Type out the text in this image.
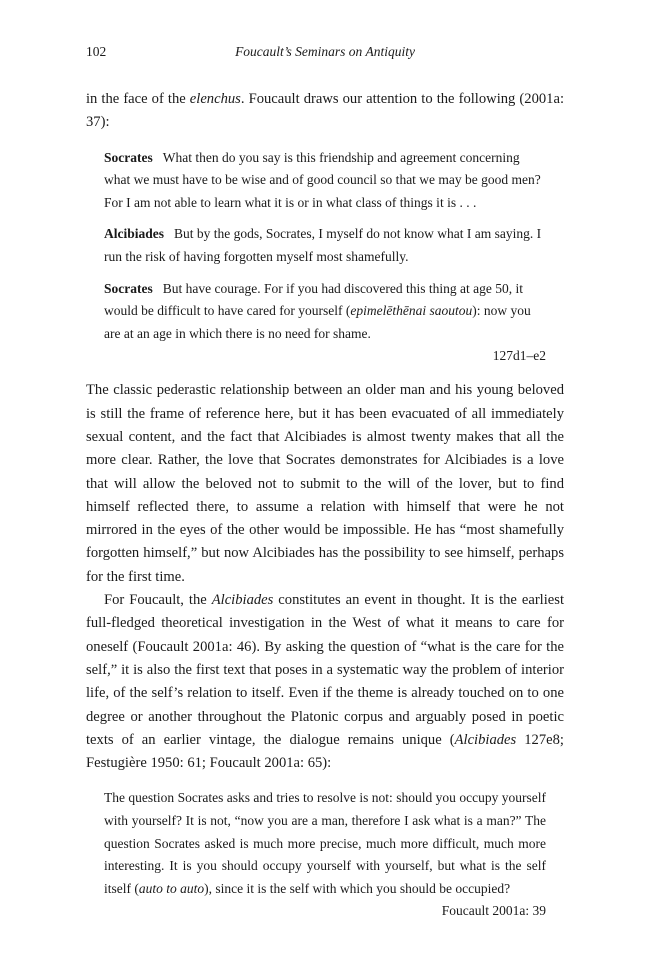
102	Foucault’s Seminars on Antiquity

in the face of the elenchus. Foucault draws our attention to the following (2001a: 37):

Socrates What then do you say is this friendship and agreement concerning what we must have to be wise and of good council so that we may be good men? For I am not able to learn what it is or in what class of things it is . . .

Alcibiades But by the gods, Socrates, I myself do not know what I am saying. I run the risk of having forgotten myself most shamefully.

Socrates But have courage. For if you had discovered this thing at age 50, it would be difficult to have cared for yourself (epimelēthēnai saoutou): now you are at an age in which there is no need for shame.

127d1–e2

The classic pederastic relationship between an older man and his young beloved is still the frame of reference here, but it has been evacuated of all immediately sexual content, and the fact that Alcibiades is almost twenty makes that all the more clear. Rather, the love that Socrates demonstrates for Alcibiades is a love that will allow the beloved not to submit to the will of the lover, but to find himself reflected there, to assume a relation with himself that were he not mirrored in the eyes of the other would be impossible. He has “most shamefully forgotten himself,” but now Alcibiades has the possibility to see himself, perhaps for the first time.

For Foucault, the Alcibiades constitutes an event in thought. It is the earliest full-fledged theoretical investigation in the West of what it means to care for oneself (Foucault 2001a: 46). By asking the question of “what is the care for the self,” it is also the first text that poses in a systematic way the problem of interior life, of the self’s relation to itself. Even if the theme is already touched on to one degree or another throughout the Platonic corpus and arguably posed in poetic texts of an earlier vintage, the dialogue remains unique (Alcibiades 127e8; Festugière 1950: 61; Foucault 2001a: 65):

The question Socrates asks and tries to resolve is not: should you occupy yourself with yourself? It is not, “now you are a man, therefore I ask what is a man?” The question Socrates asked is much more precise, much more difficult, much more interesting. It is you should occupy yourself with yourself, but what is the self itself (auto to auto), since it is the self with which you should be occupied?

Foucault 2001a: 39
